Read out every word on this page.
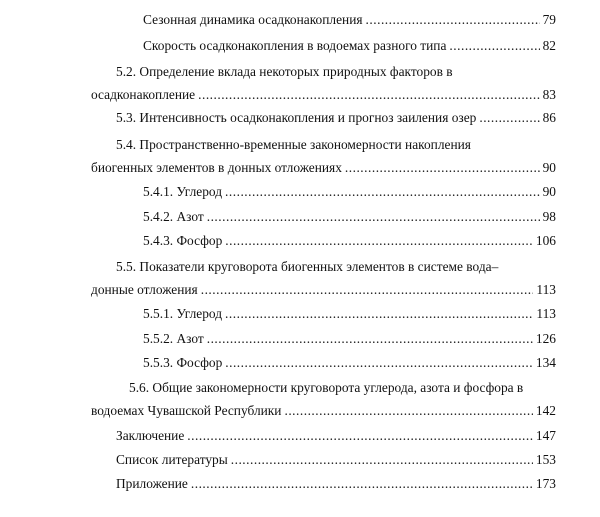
Сезонная динамика осадконакопления .....	79
Скорость осадконакопления в водоемах разного типа .....	82
5.2. Определение вклада некоторых природных факторов в
осадконакопление .....	83
5.3. Интенсивность осадконакопления и прогноз заиления озер .....	86
5.4. Пространственно-временные закономерности накопления
биогенных элементов в донных отложениях .....	90
5.4.1. Углерод .....	90
5.4.2. Азот .....	98
5.4.3. Фосфор .....	106
5.5. Показатели круговорота биогенных элементов в системе вода–
донные отложения .....	113
5.5.1. Углерод .....	113
5.5.2. Азот .....	126
5.5.3. Фосфор .....	134
5.6. Общие закономерности круговорота углерода, азота и фосфора в
водоемах Чувашской Республики .....	142
Заключение .....	147
Список литературы .....	153
Приложение .....	173
